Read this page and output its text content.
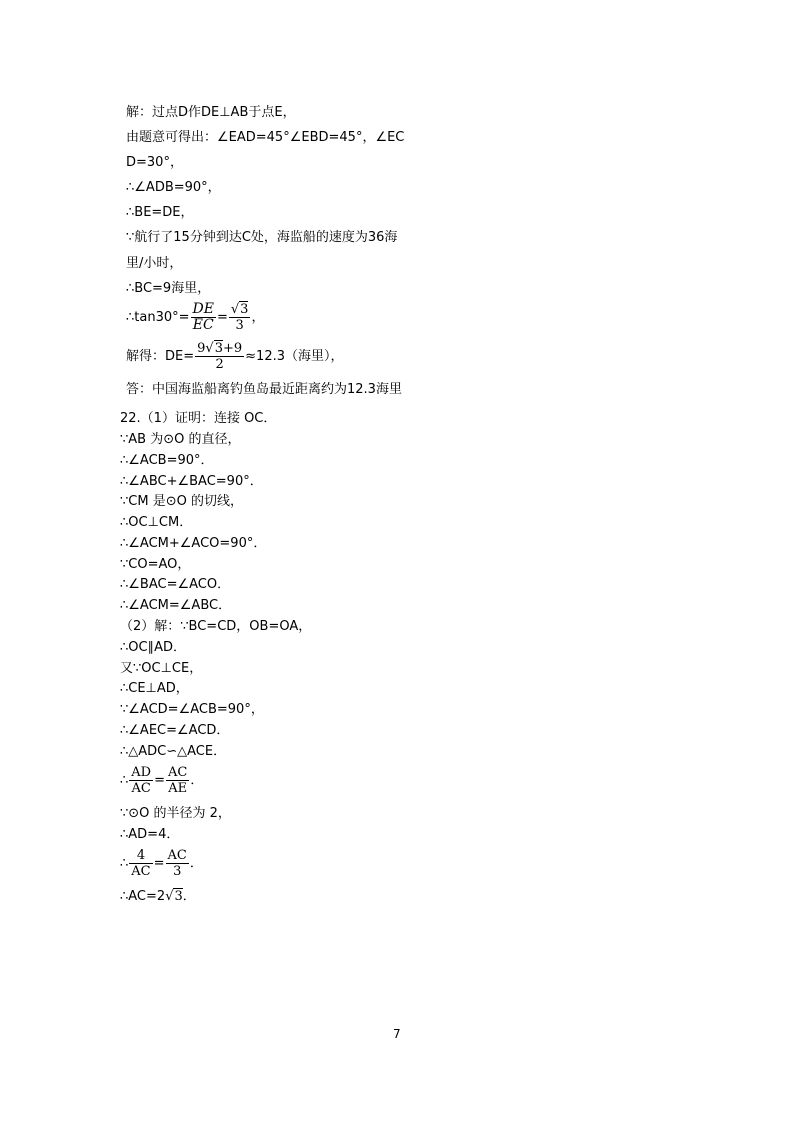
解：过点D作DE⊥AB于点E，
由题意可得出：∠EAD=45°∠EBD=45°，∠EC
D=30°，
∴∠ADB=90°，
∴BE=DE，
∵航行了15分钟到达C处，海监船的速度为36海
里/小时，
∴BC=9海里，
∴tan30°= $\frac{DE}{EC} = \frac{√3}{3}$ ，
解得：$DE= \frac{9√3+9}{2} \approx 12.3$（海里），
答：中国海监船离钓鱼岛最近距离约为12.3海里
22.（1）证明：连接 OC．
∵AB 为⊙O 的直径，
∴∠ACB=90°．
∴∠ABC+∠BAC=90°．
∵CM 是⊙O 的切线，
∴OC⊥CM．
∴∠ACM+∠ACO=90°．
∵CO=AO，
∴∠BAC=∠ACO．
∴∠ACM=∠ABC．
（2）解：∵BC=CD，OB=OA，
∴OC∥AD．
又∵OC⊥CE，
∴CE⊥AD，
∵∠ACD=∠ACB=90°，
∴∠AEC=∠ACD．
∴△ADC∽△ACE．
∴ $\frac{AD}{AC} = \frac{AC}{AE}$ ．
∵⊙O 的半径为 2，
∴AD=4．
∴ $\frac{4}{AC} = \frac{AC}{3}$ ．
∴AC=2√3．
7
